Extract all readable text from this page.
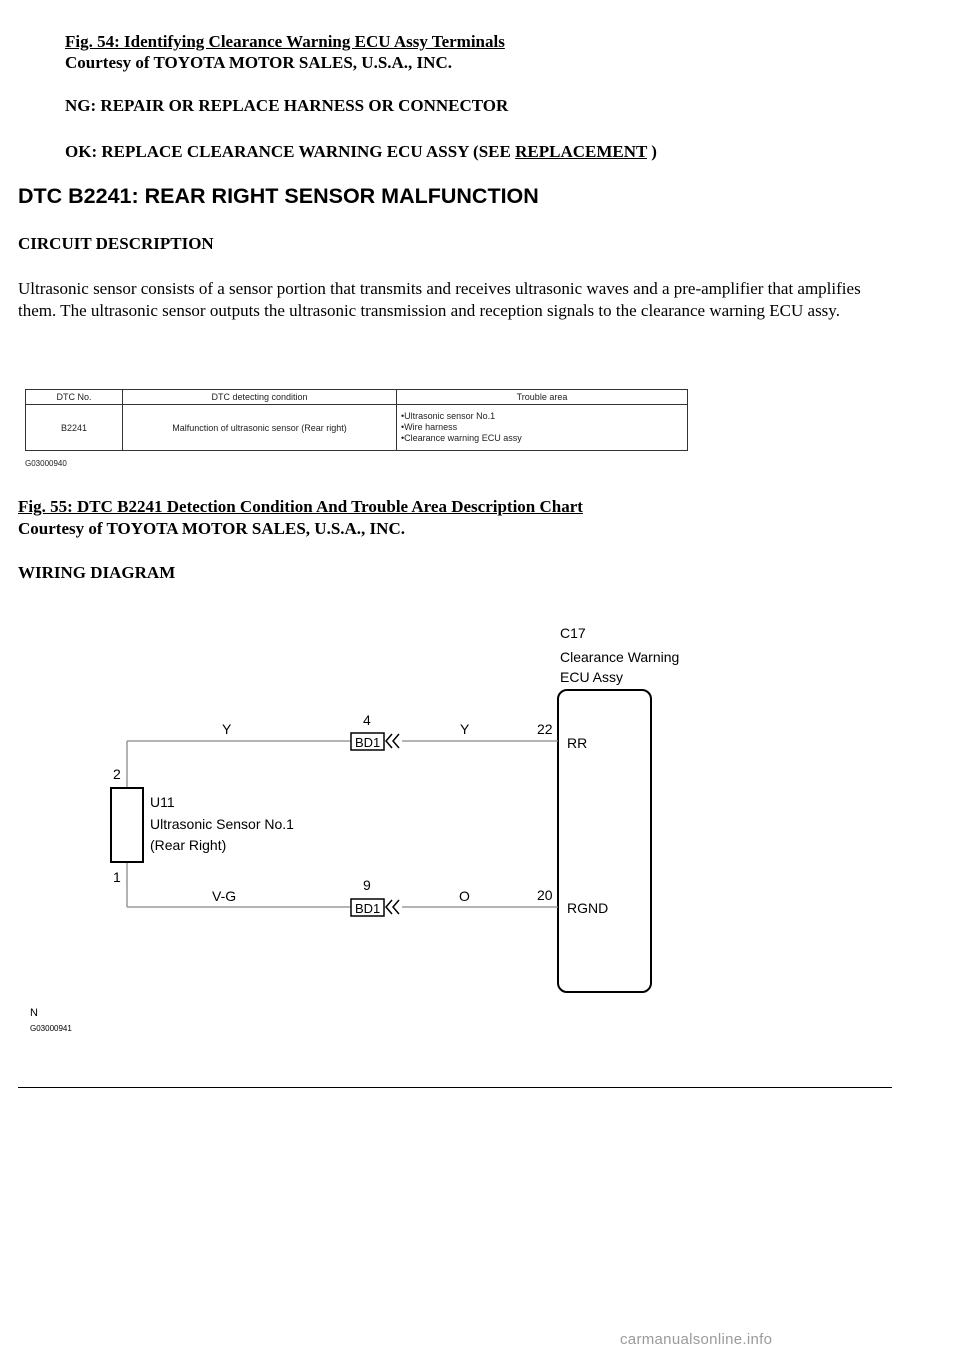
Fig. 54: Identifying Clearance Warning ECU Assy Terminals
Courtesy of TOYOTA MOTOR SALES, U.S.A., INC.
NG: REPAIR OR REPLACE HARNESS OR CONNECTOR
OK: REPLACE CLEARANCE WARNING ECU ASSY (SEE REPLACEMENT )
DTC B2241: REAR RIGHT SENSOR MALFUNCTION
CIRCUIT DESCRIPTION
Ultrasonic sensor consists of a sensor portion that transmits and receives ultrasonic waves and a pre-amplifier that amplifies them. The ultrasonic sensor outputs the ultrasonic transmission and reception signals to the clearance warning ECU assy.
DTC No.	DTC detecting condition	Trouble area
B2241	Malfunction of ultrasonic sensor (Rear right)	•Ultrasonic sensor No.1
•Wire harness
•Clearance warning ECU assy
G03000940
Fig. 55: DTC B2241 Detection Condition And Trouble Area Description Chart
Courtesy of TOYOTA MOTOR SALES, U.S.A., INC.
WIRING DIAGRAM
C17
Clearance Warning
ECU Assy
RR
RGND
22
20
Y	Y
V-G	O
BD1
4
BD1
9
2
1
U11
Ultrasonic Sensor No.1
(Rear Right)
N
G03000941
carmanualsonline.info
